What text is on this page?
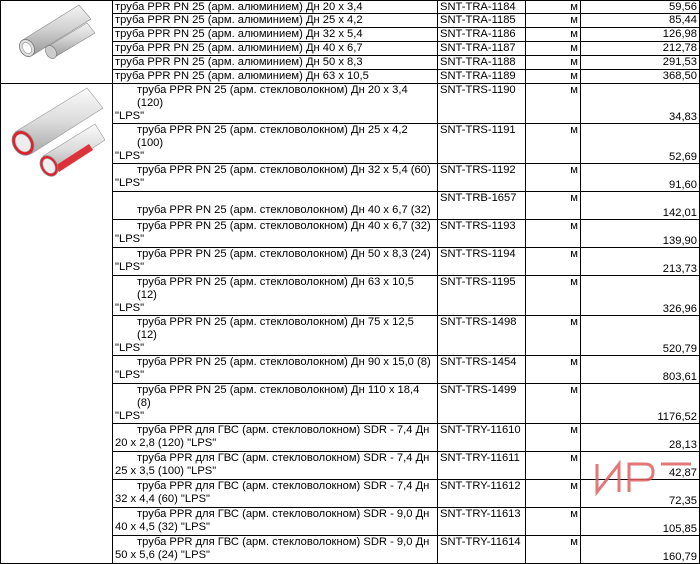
	труба PPR PN 25 (арм. алюминием) Дн 20 х 3,4	SNT-TRA-1184	м	59,56
	труба PPR PN 25 (арм. алюминием) Дн 25 х 4,2	SNT-TRA-1185	м	85,44
	труба PPR PN 25 (арм. алюминием) Дн 32 х 5,4	SNT-TRA-1186	м	126,98
	труба PPR PN 25 (арм. алюминием) Дн 40 х 6,7	SNT-TRA-1187	м	212,78
	труба PPR PN 25 (арм. алюминием) Дн 50 х 8,3	SNT-TRA-1188	м	291,53
	труба PPR PN 25 (арм. алюминием) Дн 63 х 10,5	SNT-TRA-1189	м	368,50

труба PPR PN 25 (арм. стекловолокном) Дн 20 х 3,4 (120)
"LPS"	SNT-TRS-1190	м	34,83

	труба PPR PN 25 (арм. стекловолокном) Дн 25 х 4,2 (100)
"LPS"	SNT-TRS-1191	м	52,69

	труба PPR PN 25 (арм. стекловолокном) Дн 32 х 5,4 (60)
"LPS"	SNT-TRS-1192	м	91,60

	труба PPR PN 25 (арм. стекловолокном) Дн 40 х 6,7 (32)	SNT-TRB-1657	м	142,01

	труба PPR PN 25 (арм. стекловолокном) Дн 40 х 6,7 (32)
"LPS"	SNT-TRS-1193	м	139,90

	труба PPR PN 25 (арм. стекловолокном) Дн 50 х 8,3 (24)
"LPS"	SNT-TRS-1194	м	213,73

	труба PPR PN 25 (арм. стекловолокном) Дн 63 х 10,5 (12)
"LPS"	SNT-TRS-1195	м	326,96

	труба PPR PN 25 (арм. стекловолокном) Дн 75 х 12,5 (12)
"LPS"	SNT-TRS-1498	м	520,79

	труба PPR PN 25 (арм. стекловолокном) Дн 90 х 15,0 (8)
"LPS"	SNT-TRS-1454	м	803,61

	труба PPR PN 25 (арм. стекловолокном) Дн 110 х 18,4 (8)
"LPS"	SNT-TRS-1499	м	1176,52

	труба PPR для ГВС (арм. стекловолокном) SDR - 7,4 Дн
20 х 2,8 (120) "LPS"	SNT-TRY-11610	м	28,13

	труба PPR для ГВС (арм. стекловолокном) SDR - 7,4 Дн
25 х 3,5 (100) "LPS"	SNT-TRY-11611	м	42,87

	труба PPR для ГВС (арм. стекловолокном) SDR - 7,4 Дн
32 х 4,4 (60) "LPS"	SNT-TRY-11612	м	72,35

	труба PPR для ГВС (арм. стекловолокном) SDR - 9,0 Дн
40 х 4,5 (32) "LPS"	SNT-TRY-11613	м	105,85

	труба PPR для ГВС (арм. стекловолокном) SDR - 9,0 Дн
50 х 5,6 (24) "LPS"	SNT-TRY-11614	м	160,79
